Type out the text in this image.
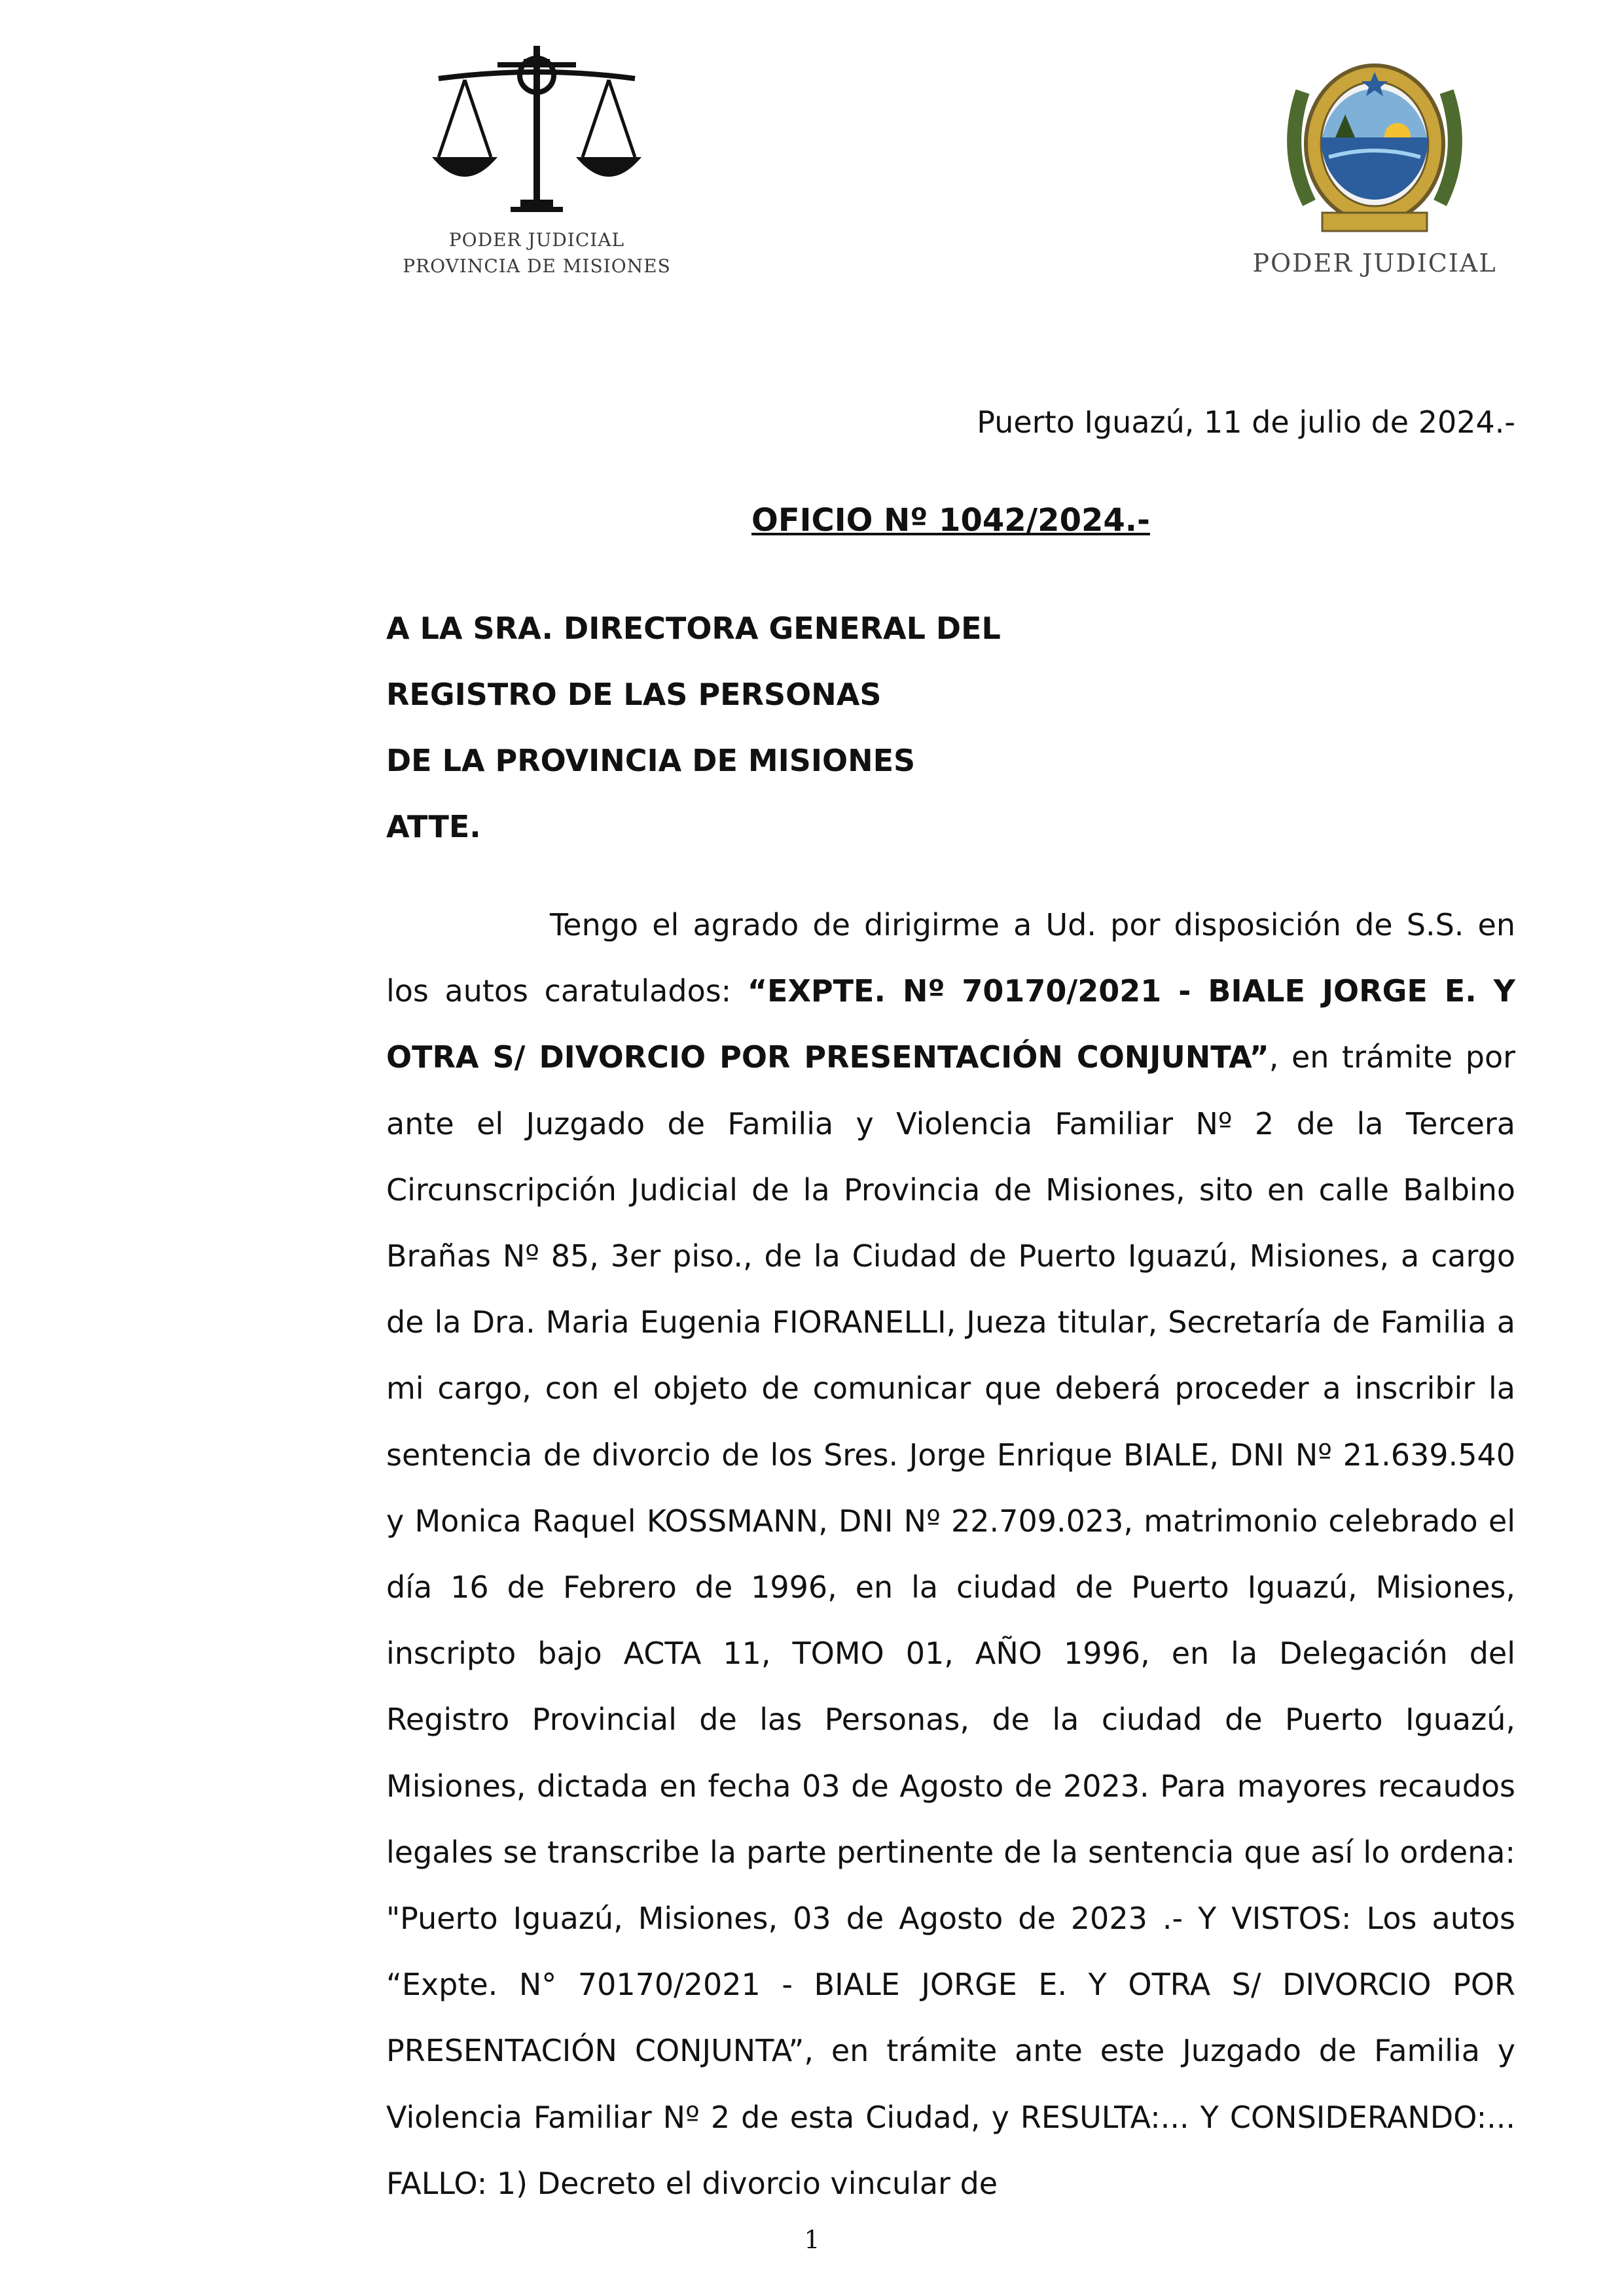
PODER JUDICIAL
PROVINCIA DE MISIONES	PODER JUDICIAL
Puerto Iguazú, 11 de julio de 2024.-
OFICIO Nº 1042/2024.-
A LA SRA. DIRECTORA GENERAL DEL
REGISTRO DE LAS PERSONAS
DE LA PROVINCIA DE MISIONES
ATTE.

Tengo el agrado de dirigirme a Ud. por disposición de S.S. en los autos caratulados: “EXPTE. Nº 70170/2021 - BIALE JORGE E. Y OTRA S/ DIVORCIO POR PRESENTACIÓN CONJUNTA”, en trámite por ante el Juzgado de Familia y Violencia Familiar Nº 2 de la Tercera Circunscripción Judicial de la Provincia de Misiones, sito en calle Balbino Brañas Nº 85, 3er piso., de la Ciudad de Puerto Iguazú, Misiones, a cargo de la Dra. Maria Eugenia FIORANELLI, Jueza titular, Secretaría de Familia a mi cargo, con el objeto de comunicar que deberá proceder a inscribir la sentencia de divorcio de los Sres. Jorge Enrique BIALE, DNI Nº 21.639.540 y Monica Raquel KOSSMANN, DNI Nº 22.709.023, matrimonio celebrado el día 16 de Febrero de 1996, en la ciudad de Puerto Iguazú, Misiones, inscripto bajo ACTA 11, TOMO 01, AÑO 1996, en la Delegación del Registro Provincial de las Personas, de la ciudad de Puerto Iguazú, Misiones, dictada en fecha 03 de Agosto de 2023. Para mayores recaudos legales se transcribe la parte pertinente de la sentencia que así lo ordena: "Puerto Iguazú, Misiones, 03 de Agosto de 2023 .- Y VISTOS: Los autos “Expte. N° 70170/2021 - BIALE JORGE E. Y OTRA S/ DIVORCIO POR PRESENTACIÓN CONJUNTA”, en trámite ante este Juzgado de Familia y Violencia Familiar Nº 2 de esta Ciudad, y RESULTA:... Y CONSIDERANDO:... FALLO: 1) Decreto el divorcio vincular de

1
